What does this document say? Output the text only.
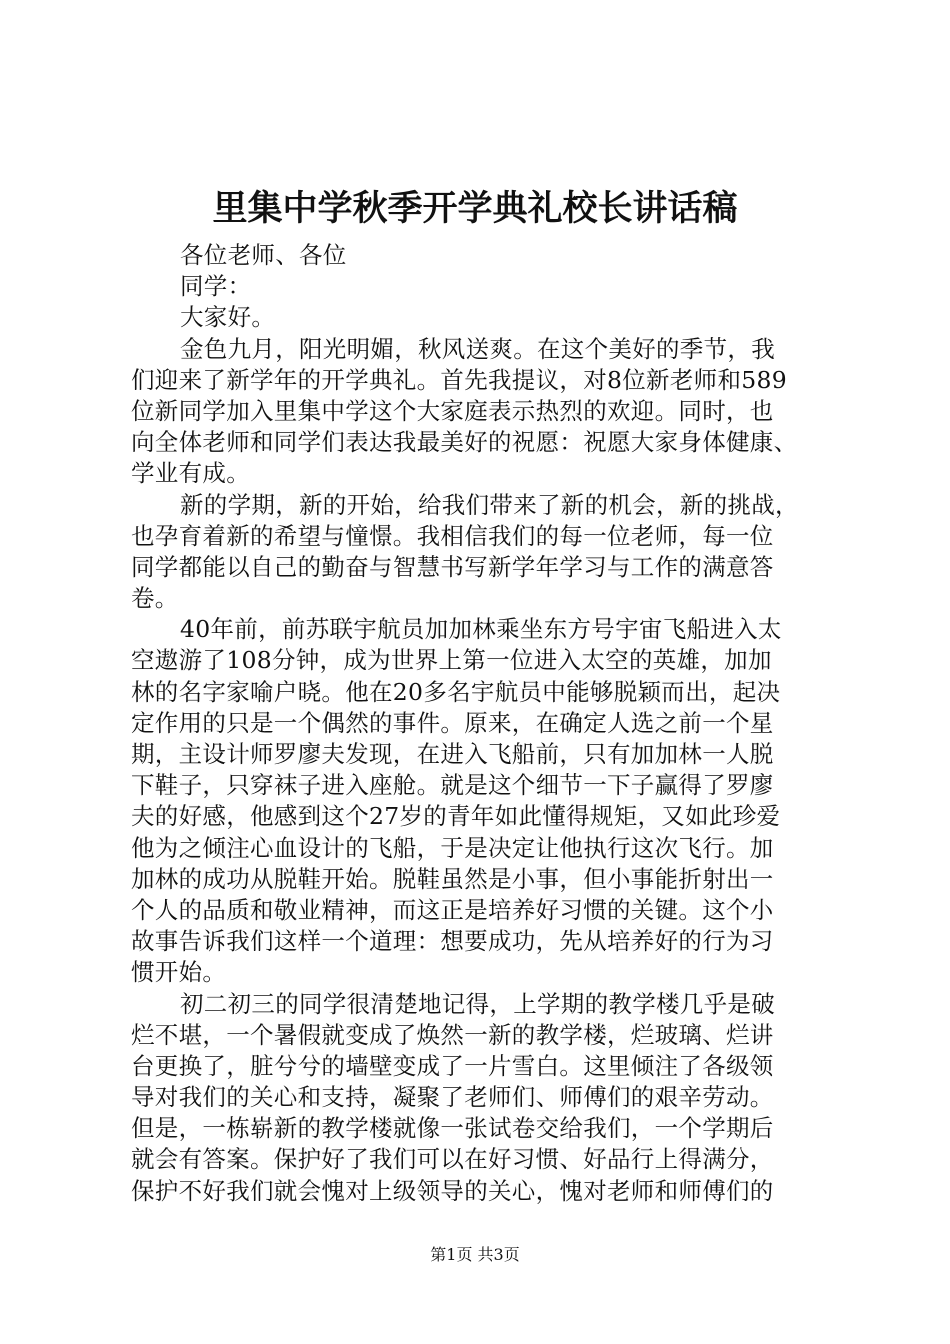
里集中学秋季开学典礼校长讲话稿
各位老师、各位
同学：
大家好。
金色九月，阳光明媚，秋风送爽。在这个美好的季节，我
们迎来了新学年的开学典礼。首先我提议，对8位新老师和589
位新同学加入里集中学这个大家庭表示热烈的欢迎。同时，也
向全体老师和同学们表达我最美好的祝愿：祝愿大家身体健康、
学业有成。
新的学期，新的开始，给我们带来了新的机会，新的挑战，
也孕育着新的希望与憧憬。我相信我们的每一位老师，每一位
同学都能以自己的勤奋与智慧书写新学年学习与工作的满意答
卷。
40年前，前苏联宇航员加加林乘坐东方号宇宙飞船进入太
空遨游了108分钟，成为世界上第一位进入太空的英雄，加加
林的名字家喻户晓。他在20多名宇航员中能够脱颖而出，起决
定作用的只是一个偶然的事件。原来，在确定人选之前一个星
期，主设计师罗廖夫发现，在进入飞船前，只有加加林一人脱
下鞋子，只穿袜子进入座舱。就是这个细节一下子赢得了罗廖
夫的好感，他感到这个27岁的青年如此懂得规矩，又如此珍爱
他为之倾注心血设计的飞船，于是决定让他执行这次飞行。加
加林的成功从脱鞋开始。脱鞋虽然是小事，但小事能折射出一
个人的品质和敬业精神，而这正是培养好习惯的关键。这个小
故事告诉我们这样一个道理：想要成功，先从培养好的行为习
惯开始。
初二初三的同学很清楚地记得，上学期的教学楼几乎是破
烂不堪，一个暑假就变成了焕然一新的教学楼，烂玻璃、烂讲
台更换了，脏兮兮的墙壁变成了一片雪白。这里倾注了各级领
导对我们的关心和支持，凝聚了老师们、师傅们的艰辛劳动。
但是，一栋崭新的教学楼就像一张试卷交给我们，一个学期后
就会有答案。保护好了我们可以在好习惯、好品行上得满分，
保护不好我们就会愧对上级领导的关心，愧对老师和师傅们的
第1页 共3页
